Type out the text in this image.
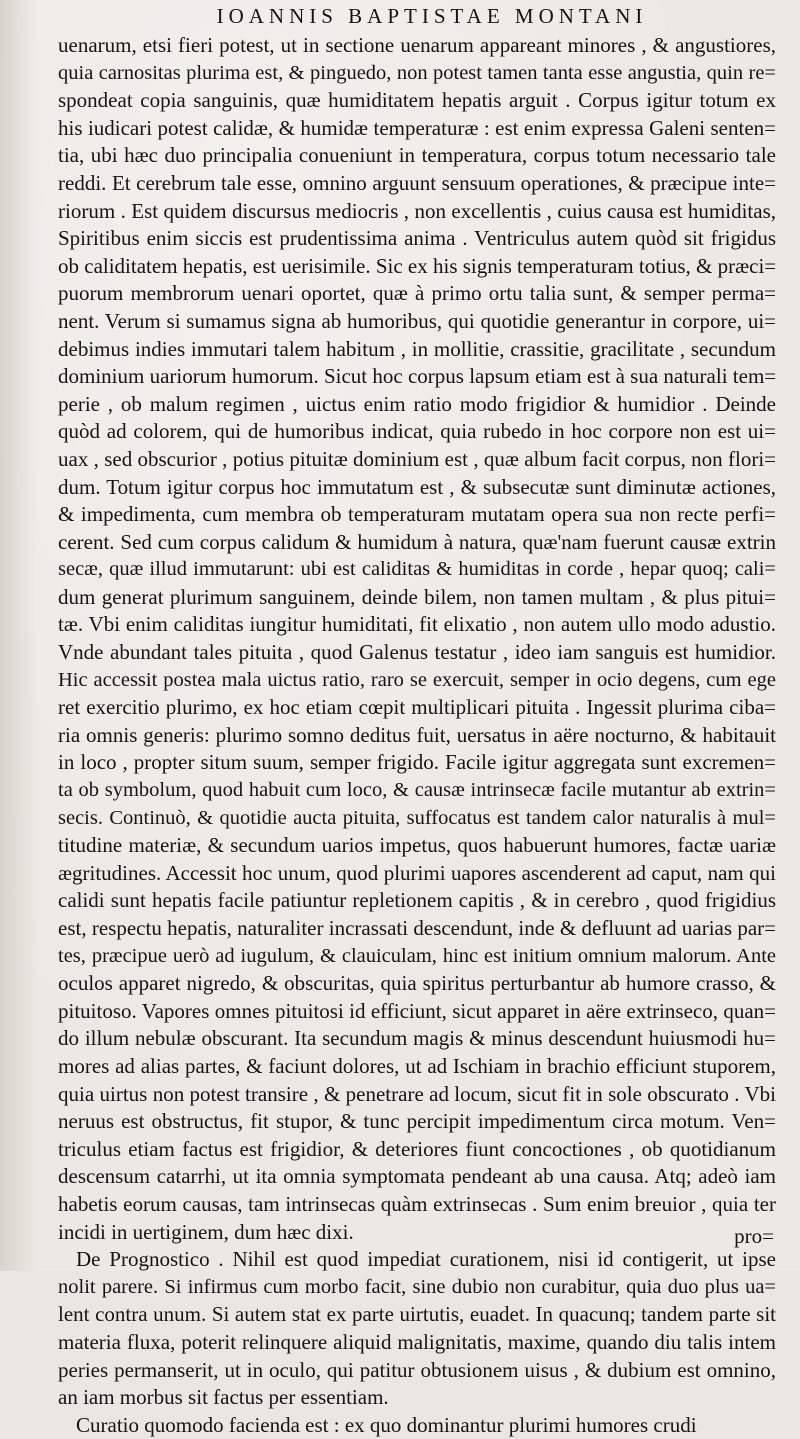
IOANNIS BAPTISTAE MONTANI
uenarum, etsi fieri potest, ut in sectione uenarum appareant minores , & angustiores,
quia carnositas plurima est, & pinguedo, non potest tamen tanta esse angustia, quin re=
spondeat copia sanguinis, quæ humiditatem hepatis arguit . Corpus igitur totum ex
his iudicari potest calidæ, & humidæ temperaturæ : est enim expressa Galeni senten=
tia, ubi hæc duo principalia conueniunt in temperatura, corpus totum necessario tale
reddi. Et cerebrum tale esse, omnino arguunt sensuum operationes, & præcipue inte=
riorum . Est quidem discursus mediocris , non excellentis , cuius causa est humiditas,
Spiritibus enim siccis est prudentissima anima . Ventriculus autem quòd sit frigidus
ob caliditatem hepatis, est uerisimile. Sic ex his signis temperaturam totius, & præci=
puorum membrorum uenari oportet, quæ à primo ortu talia sunt, & semper perma=
nent. Verum si sumamus signa ab humoribus, qui quotidie generantur in corpore, ui=
debimus indies immutari talem habitum , in mollitie, crassitie, gracilitate , secundum
dominium uariorum humorum. Sicut hoc corpus lapsum etiam est à sua naturali tem=
perie , ob malum regimen , uictus enim ratio modo frigidior & humidior . Deinde
quòd ad colorem, qui de humoribus indicat, quia rubedo in hoc corpore non est ui=
uax , sed obscurior , potius pituitæ dominium est , quæ album facit corpus, non flori=
dum. Totum igitur corpus hoc immutatum est , & subsecutæ sunt diminutæ actiones,
& impedimenta, cum membra ob temperaturam mutatam opera sua non recte perfi=
cerent. Sed cum corpus calidum & humidum à natura, quæ'nam fuerunt causæ extrin
secæ, quæ illud immutarunt: ubi est caliditas & humiditas in corde , hepar quoq; cali=
dum generat plurimum sanguinem, deinde bilem, non tamen multam , & plus pitui=
tæ. Vbi enim caliditas iungitur humiditati, fit elixatio , non autem ullo modo adustio.
Vnde abundant tales pituita , quod Galenus testatur , ideo iam sanguis est humidior.
Hic accessit postea mala uictus ratio, raro se exercuit, semper in ocio degens, cum ege
ret exercitio plurimo, ex hoc etiam cœpit multiplicari pituita . Ingessit plurima ciba=
ria omnis generis: plurimo somno deditus fuit, uersatus in aëre nocturno, & habitauit
in loco , propter situm suum, semper frigido. Facile igitur aggregata sunt excremen=
ta ob symbolum, quod habuit cum loco, & causæ intrinsecæ facile mutantur ab extrin=
secis. Continuò, & quotidie aucta pituita, suffocatus est tandem calor naturalis à mul=
titudine materiæ, & secundum uarios impetus, quos habuerunt humores, factæ uariæ
ægritudines. Accessit hoc unum, quod plurimi uapores ascenderent ad caput, nam qui
calidi sunt hepatis facile patiuntur repletionem capitis , & in cerebro , quod frigidius
est, respectu hepatis, naturaliter incrassati descendunt, inde & defluunt ad uarias par=
tes, præcipue uerò ad iugulum, & clauiculam, hinc est initium omnium malorum. Ante
oculos apparet nigredo, & obscuritas, quia spiritus perturbantur ab humore crasso, &
pituitoso. Vapores omnes pituitosi id efficiunt, sicut apparet in aëre extrinseco, quan=
do illum nebulæ obscurant. Ita secundum magis & minus descendunt huiusmodi hu=
mores ad alias partes, & faciunt dolores, ut ad Ischiam in brachio efficiunt stuporem,
quia uirtus non potest transire , & penetrare ad locum, sicut fit in sole obscurato . Vbi
neruus est obstructus, fit stupor, & tunc percipit impedimentum circa motum. Ven=
triculus etiam factus est frigidior, & deteriores fiunt concoctiones , ob quotidianum
descensum catarrhi, ut ita omnia symptomata pendeant ab una causa. Atq; adeò iam
habetis eorum causas, tam intrinsecas quàm extrinsecas . Sum enim breuior , quia ter
incidi in uertiginem, dum hæc dixi.
De Prognostico . Nihil est quod impediat curationem, nisi id contigerit, ut ipse
nolit parere. Si infirmus cum morbo facit, sine dubio non curabitur, quia duo plus ua=
lent contra unum. Si autem stat ex parte uirtutis, euadet. In quacunq; tandem parte sit
materia fluxa, poterit relinquere aliquid malignitatis, maxime, quando diu talis intem
peries permanserit, ut in oculo, qui patitur obtusionem uisus , & dubium est omnino,
an iam morbus sit factus per essentiam.
Curatio quomodo facienda est : ex quo dominantur plurimi humores crudi
pro=
